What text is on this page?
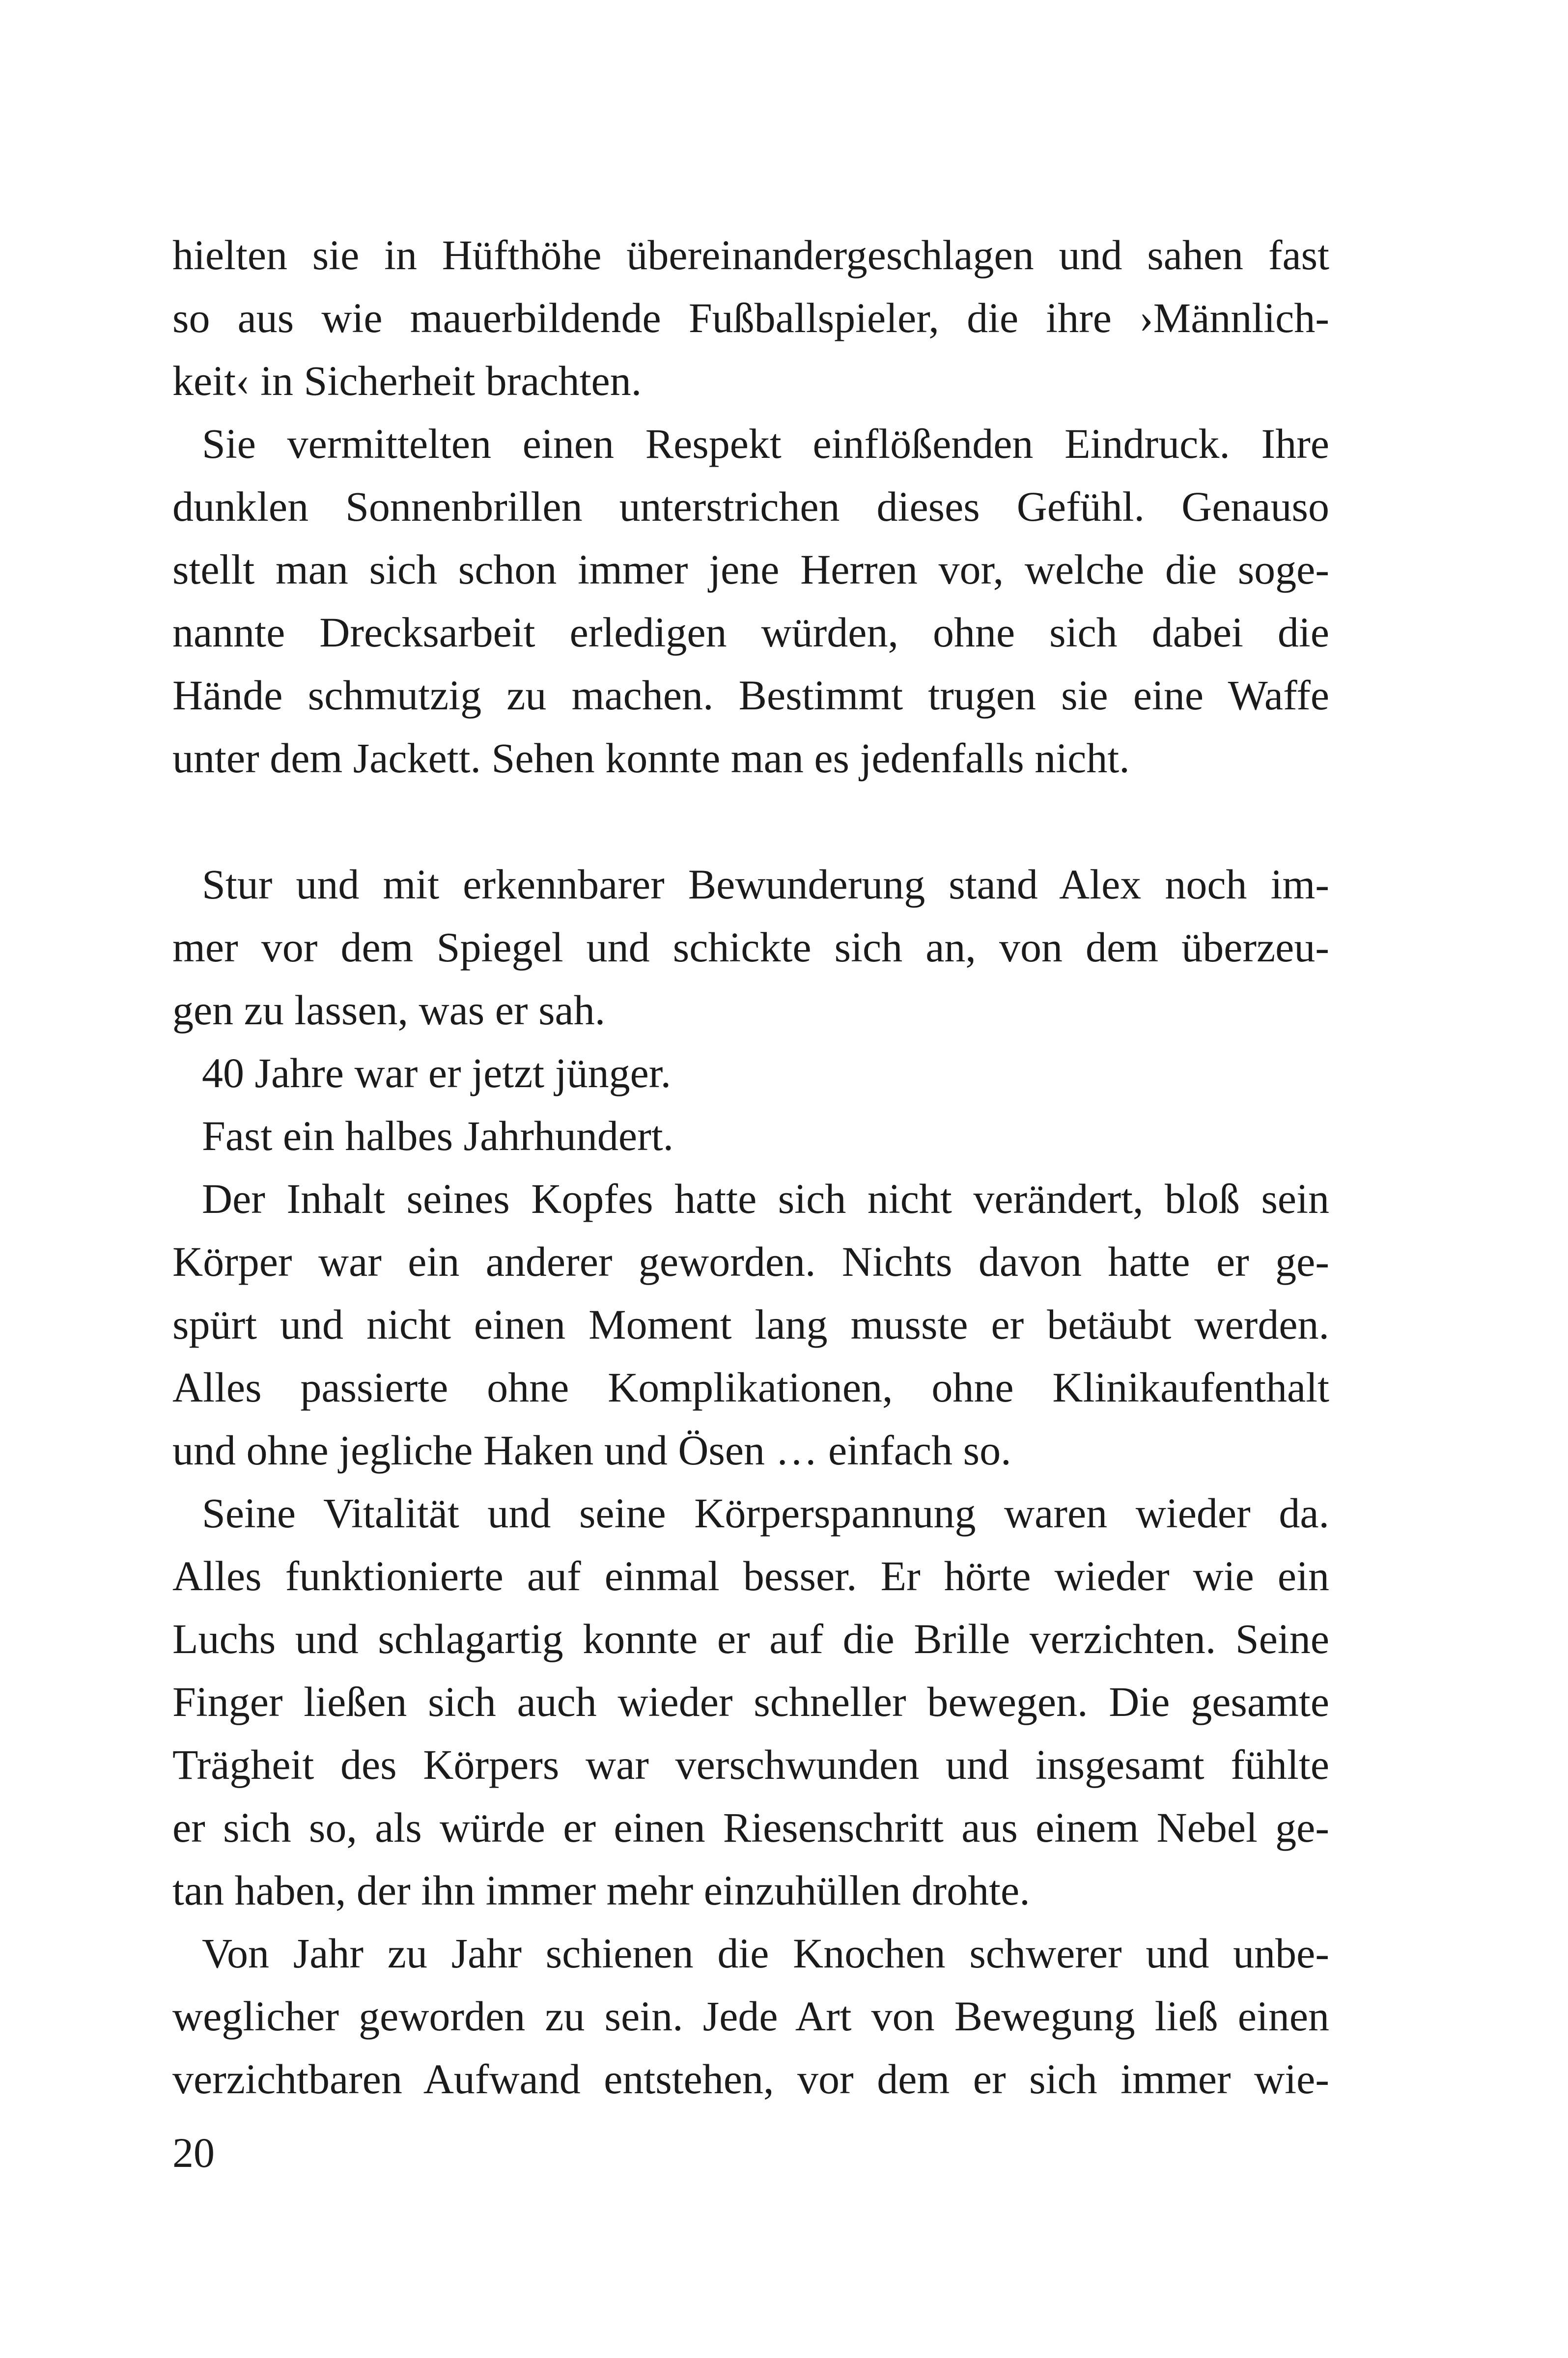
hielten sie in Hüfthöhe übereinandergeschlagen und sahen fast
so aus wie mauerbildende Fußballspieler, die ihre ›Männlich-
keit‹ in Sicherheit brachten.
Sie vermittelten einen Respekt einflößenden Eindruck. Ihre
dunklen Sonnenbrillen unterstrichen dieses Gefühl. Genauso
stellt man sich schon immer jene Herren vor, welche die soge-
nannte Drecksarbeit erledigen würden, ohne sich dabei die
Hände schmutzig zu machen. Bestimmt trugen sie eine Waffe
unter dem Jackett. Sehen konnte man es jedenfalls nicht.
Stur und mit erkennbarer Bewunderung stand Alex noch im-
mer vor dem Spiegel und schickte sich an, von dem überzeu-
gen zu lassen, was er sah.
40 Jahre war er jetzt jünger.
Fast ein halbes Jahrhundert.
Der Inhalt seines Kopfes hatte sich nicht verändert, bloß sein
Körper war ein anderer geworden. Nichts davon hatte er ge-
spürt und nicht einen Moment lang musste er betäubt werden.
Alles passierte ohne Komplikationen, ohne Klinikaufenthalt
und ohne jegliche Haken und Ösen … einfach so.
Seine Vitalität und seine Körperspannung waren wieder da.
Alles funktionierte auf einmal besser. Er hörte wieder wie ein
Luchs und schlagartig konnte er auf die Brille verzichten. Seine
Finger ließen sich auch wieder schneller bewegen. Die gesamte
Trägheit des Körpers war verschwunden und insgesamt fühlte
er sich so, als würde er einen Riesenschritt aus einem Nebel ge-
tan haben, der ihn immer mehr einzuhüllen drohte.
Von Jahr zu Jahr schienen die Knochen schwerer und unbe-
weglicher geworden zu sein. Jede Art von Bewegung ließ einen
verzichtbaren Aufwand entstehen, vor dem er sich immer wie-
20
